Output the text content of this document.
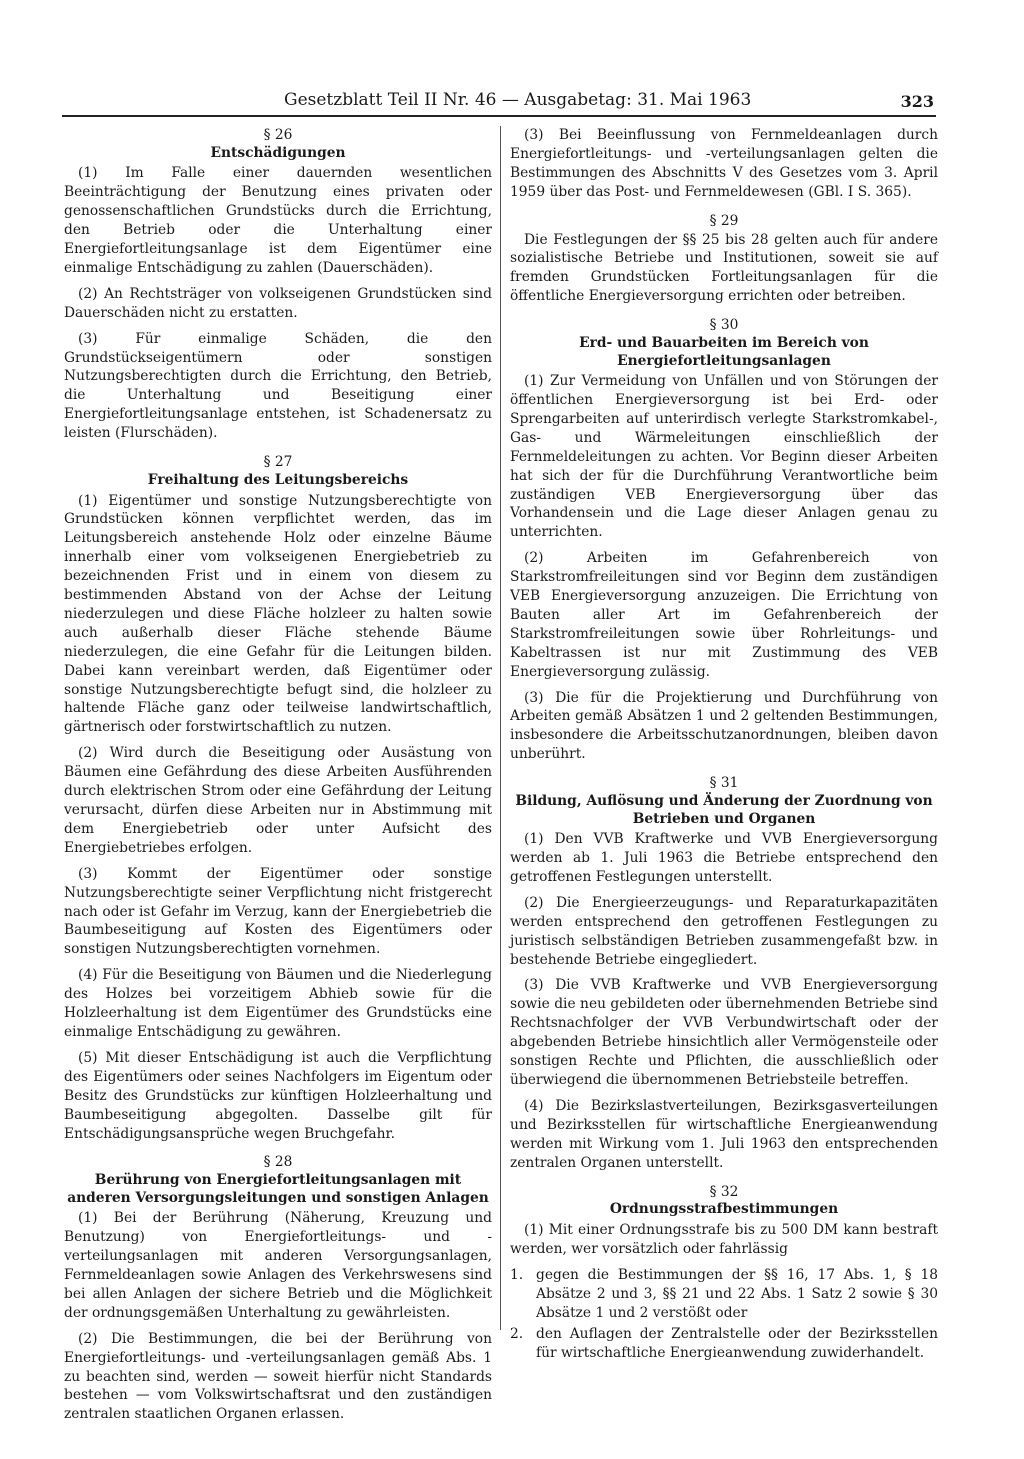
Gesetzblatt Teil II Nr. 46 — Ausgabetag: 31. Mai 1963	323
§ 26
Entschädigungen

(1) Im Falle einer dauernden wesentlichen Beeinträchtigung der Benutzung eines privaten oder genossenschaftlichen Grundstücks durch die Errichtung, den Betrieb oder die Unterhaltung einer Energiefortleitungsanlage ist dem Eigentümer eine einmalige Entschädigung zu zahlen (Dauerschäden).

(2) An Rechtsträger von volkseigenen Grundstücken sind Dauerschäden nicht zu erstatten.

(3) Für einmalige Schäden, die den Grundstückseigentümern oder sonstigen Nutzungsberechtigten durch die Errichtung, den Betrieb, die Unterhaltung und Beseitigung einer Energiefortleitungsanlage entstehen, ist Schadenersatz zu leisten (Flurschäden).

§ 27
Freihaltung des Leitungsbereichs

(1) Eigentümer und sonstige Nutzungsberechtigte von Grundstücken können verpflichtet werden, das im Leitungsbereich anstehende Holz oder einzelne Bäume innerhalb einer vom volkseigenen Energiebetrieb zu bezeichnenden Frist und in einem von diesem zu bestimmenden Abstand von der Achse der Leitung niederzulegen und diese Fläche holzleer zu halten sowie auch außerhalb dieser Fläche stehende Bäume niederzulegen, die eine Gefahr für die Leitungen bilden. Dabei kann vereinbart werden, daß Eigentümer oder sonstige Nutzungsberechtigte befugt sind, die holzleer zu haltende Fläche ganz oder teilweise landwirtschaftlich, gärtnerisch oder forstwirtschaftlich zu nutzen.

(2) Wird durch die Beseitigung oder Ausästung von Bäumen eine Gefährdung des diese Arbeiten Ausführenden durch elektrischen Strom oder eine Gefährdung der Leitung verursacht, dürfen diese Arbeiten nur in Abstimmung mit dem Energiebetrieb oder unter Aufsicht des Energiebetriebes erfolgen.

(3) Kommt der Eigentümer oder sonstige Nutzungsberechtigte seiner Verpflichtung nicht fristgerecht nach oder ist Gefahr im Verzug, kann der Energiebetrieb die Baumbeseitigung auf Kosten des Eigentümers oder sonstigen Nutzungsberechtigten vornehmen.

(4) Für die Beseitigung von Bäumen und die Niederlegung des Holzes bei vorzeitigem Abhieb sowie für die Holzleerhaltung ist dem Eigentümer des Grundstücks eine einmalige Entschädigung zu gewähren.

(5) Mit dieser Entschädigung ist auch die Verpflichtung des Eigentümers oder seines Nachfolgers im Eigentum oder Besitz des Grundstücks zur künftigen Holzleerhaltung und Baumbeseitigung abgegolten. Dasselbe gilt für Entschädigungsansprüche wegen Bruchgefahr.

§ 28
Berührung von Energiefortleitungsanlagen mit anderen Versorgungsleitungen und sonstigen Anlagen

(1) Bei der Berührung (Näherung, Kreuzung und Benutzung) von Energiefortleitungs- und -verteilungsanlagen mit anderen Versorgungsanlagen, Fernmeldeanlagen sowie Anlagen des Verkehrswesens sind bei allen Anlagen der sichere Betrieb und die Möglichkeit der ordnungsgemäßen Unterhaltung zu gewährleisten.

(2) Die Bestimmungen, die bei der Berührung von Energiefortleitungs- und -verteilungsanlagen gemäß Abs. 1 zu beachten sind, werden — soweit hierfür nicht Standards bestehen — vom Volkswirtschaftsrat und den zuständigen zentralen staatlichen Organen erlassen.

(3) Bei Beeinflussung von Fernmeldeanlagen durch Energiefortleitungs- und -verteilungsanlagen gelten die Bestimmungen des Abschnitts V des Gesetzes vom 3. April 1959 über das Post- und Fernmeldewesen (GBl. I S. 365).

§ 29

Die Festlegungen der §§ 25 bis 28 gelten auch für andere sozialistische Betriebe und Institutionen, soweit sie auf fremden Grundstücken Fortleitungsanlagen für die öffentliche Energieversorgung errichten oder betreiben.

§ 30
Erd- und Bauarbeiten im Bereich von Energiefortleitungsanlagen

(1) Zur Vermeidung von Unfällen und von Störungen der öffentlichen Energieversorgung ist bei Erd- oder Sprengarbeiten auf unterirdisch verlegte Starkstromkabel-, Gas- und Wärmeleitungen einschließlich der Fernmeldeleitungen zu achten. Vor Beginn dieser Arbeiten hat sich der für die Durchführung Verantwortliche beim zuständigen VEB Energieversorgung über das Vorhandensein und die Lage dieser Anlagen genau zu unterrichten.

(2) Arbeiten im Gefahrenbereich von Starkstromfreileitungen sind vor Beginn dem zuständigen VEB Energieversorgung anzuzeigen. Die Errichtung von Bauten aller Art im Gefahrenbereich der Starkstromfreileitungen sowie über Rohrleitungs- und Kabeltrassen ist nur mit Zustimmung des VEB Energieversorgung zulässig.

(3) Die für die Projektierung und Durchführung von Arbeiten gemäß Absätzen 1 und 2 geltenden Bestimmungen, insbesondere die Arbeitsschutzanordnungen, bleiben davon unberührt.

§ 31
Bildung, Auflösung und Änderung der Zuordnung von Betrieben und Organen

(1) Den VVB Kraftwerke und VVB Energieversorgung werden ab 1. Juli 1963 die Betriebe entsprechend den getroffenen Festlegungen unterstellt.

(2) Die Energieerzeugungs- und Reparaturkapazitäten werden entsprechend den getroffenen Festlegungen zu juristisch selbständigen Betrieben zusammengefaßt bzw. in bestehende Betriebe eingegliedert.

(3) Die VVB Kraftwerke und VVB Energieversorgung sowie die neu gebildeten oder übernehmenden Betriebe sind Rechtsnachfolger der VVB Verbundwirtschaft oder der abgebenden Betriebe hinsichtlich aller Vermögensteile oder sonstigen Rechte und Pflichten, die ausschließlich oder überwiegend die übernommenen Betriebsteile betreffen.

(4) Die Bezirkslastverteilungen, Bezirksgasverteilungen und Bezirksstellen für wirtschaftliche Energieanwendung werden mit Wirkung vom 1. Juli 1963 den entsprechenden zentralen Organen unterstellt.

§ 32
Ordnungsstrafbestimmungen

(1) Mit einer Ordnungsstrafe bis zu 500 DM kann bestraft werden, wer vorsätzlich oder fahrlässig

1. gegen die Bestimmungen der §§ 16, 17 Abs. 1, § 18 Absätze 2 und 3, §§ 21 und 22 Abs. 1 Satz 2 sowie § 30 Absätze 1 und 2 verstößt oder
2. den Auflagen der Zentralstelle oder der Bezirksstellen für wirtschaftliche Energieanwendung zuwiderhandelt.
